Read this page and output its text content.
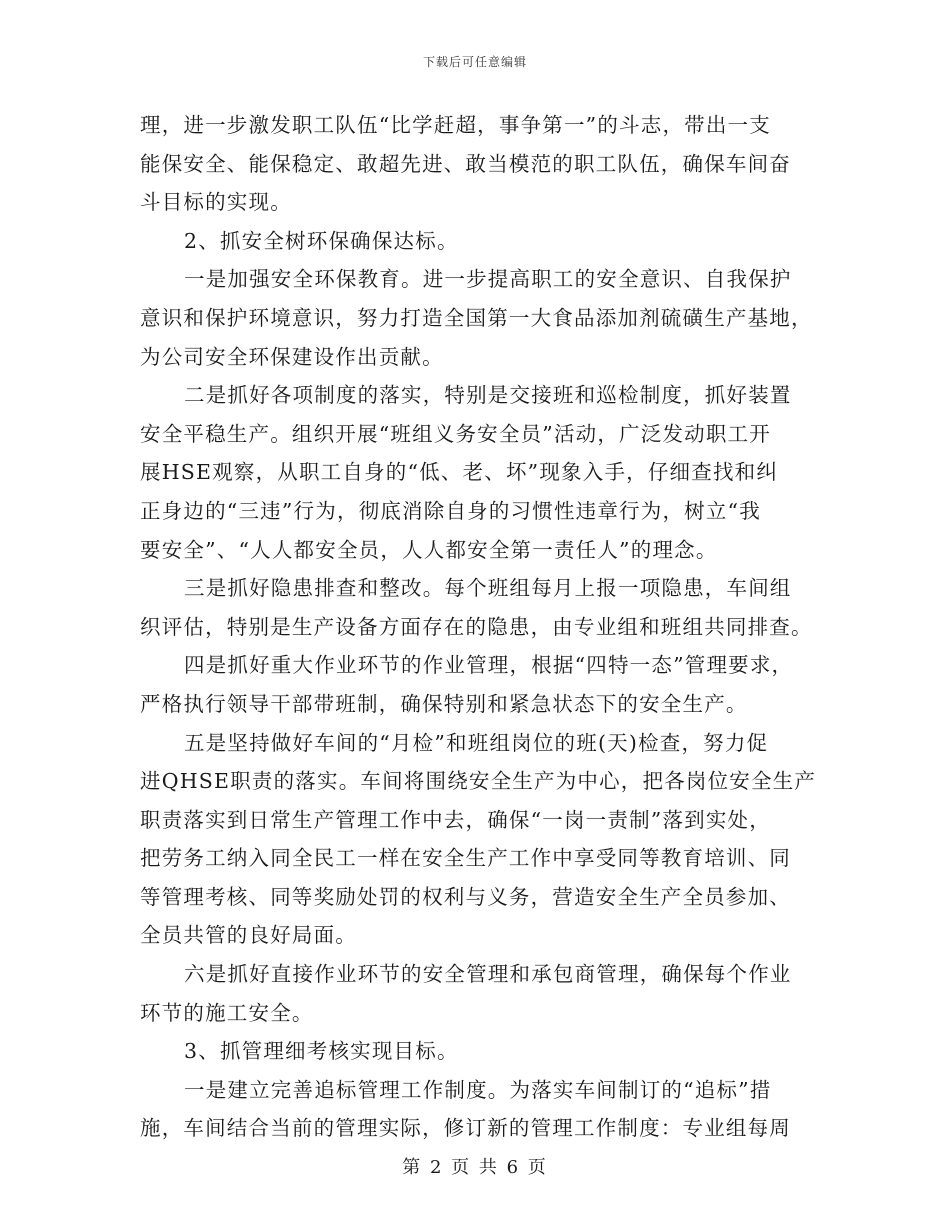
下载后可任意编辑
理，进一步激发职工队伍“比学赶超，事争第一”的斗志，带出一支
能保安全、能保稳定、敢超先进、敢当模范的职工队伍，确保车间奋
斗目标的实现。
2、抓安全树环保确保达标。
一是加强安全环保教育。进一步提高职工的安全意识、自我保护
意识和保护环境意识，努力打造全国第一大食品添加剂硫磺生产基地，
为公司安全环保建设作出贡献。
二是抓好各项制度的落实，特别是交接班和巡检制度，抓好装置
安全平稳生产。组织开展“班组义务安全员”活动，广泛发动职工开
展HSE观察，从职工自身的“低、老、坏”现象入手，仔细查找和纠
正身边的“三违”行为，彻底消除自身的习惯性违章行为，树立“我
要安全”、“人人都安全员，人人都安全第一责任人”的理念。
三是抓好隐患排查和整改。每个班组每月上报一项隐患，车间组
织评估，特别是生产设备方面存在的隐患，由专业组和班组共同排查。
四是抓好重大作业环节的作业管理，根据“四特一态”管理要求，
严格执行领导干部带班制，确保特别和紧急状态下的安全生产。
五是坚持做好车间的“月检”和班组岗位的班(天)检查，努力促
进QHSE职责的落实。车间将围绕安全生产为中心，把各岗位安全生产
职责落实到日常生产管理工作中去，确保“一岗一责制”落到实处，
把劳务工纳入同全民工一样在安全生产工作中享受同等教育培训、同
等管理考核、同等奖励处罚的权利与义务，营造安全生产全员参加、
全员共管的良好局面。
六是抓好直接作业环节的安全管理和承包商管理，确保每个作业
环节的施工安全。
3、抓管理细考核实现目标。
一是建立完善追标管理工作制度。为落实车间制订的“追标”措
施，车间结合当前的管理实际，修订新的管理工作制度：专业组每周
第 2 页 共 6 页
